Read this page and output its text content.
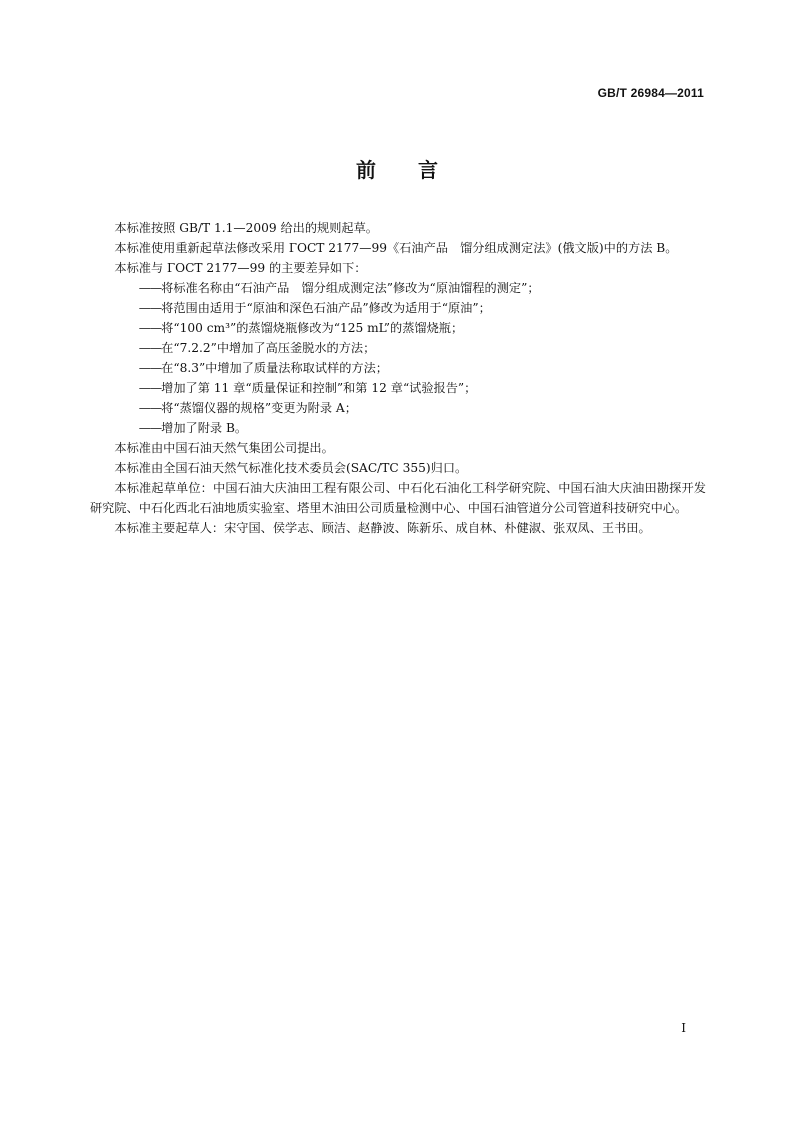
GB/T 26984—2011
前言

本标准按照 GB/T 1.1—2009 给出的规则起草。

本标准使用重新起草法修改采用 ГОСТ 2177—99《石油产品　馏分组成测定法》(俄文版)中的方法 B。

本标准与 ГОСТ 2177—99 的主要差异如下：

——将标准名称由“石油产品　馏分组成测定法”修改为“原油馏程的测定”；

——将范围由适用于“原油和深色石油产品”修改为适用于“原油”；

——将“100 cm³”的蒸馏烧瓶修改为“125 mL”的蒸馏烧瓶；

——在“7.2.2”中增加了高压釜脱水的方法；

——在“8.3”中增加了质量法称取试样的方法；

——增加了第 11 章“质量保证和控制”和第 12 章“试验报告”；

——将“蒸馏仪器的规格”变更为附录 A；

——增加了附录 B。

本标准由中国石油天然气集团公司提出。

本标准由全国石油天然气标准化技术委员会(SAC/TC 355)归口。

本标准起草单位：中国石油大庆油田工程有限公司、中石化石油化工科学研究院、中国石油大庆油田勘探开发研究院、中石化西北石油地质实验室、塔里木油田公司质量检测中心、中国石油管道分公司管道科技研究中心。

本标准主要起草人：宋守国、侯学志、顾洁、赵静波、陈新乐、成自林、朴健淑、张双凤、王书田。

I
